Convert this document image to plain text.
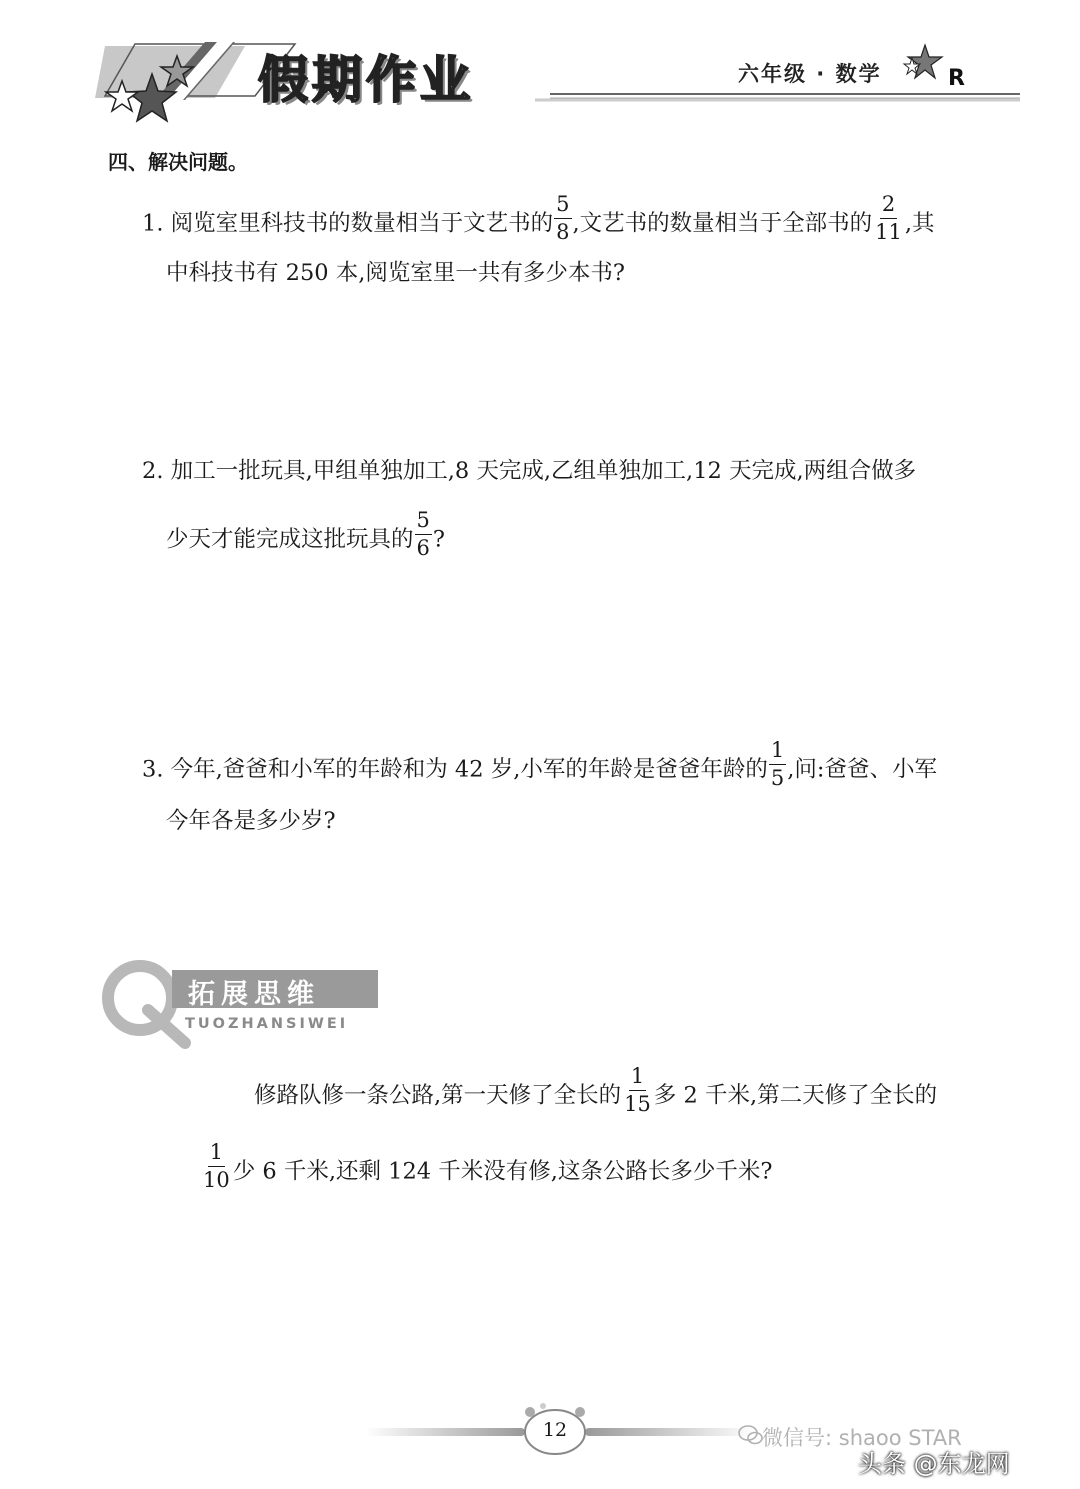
假期作业	六年级 · 数学	R
四、解决问题。
1. 阅览室里科技书的数量相当于文艺书的 $\frac{5}{8}$ ,文艺书的数量相当于全部书的 $\frac{2}{11}$ ,其
中科技书有 250 本,阅览室里一共有多少本书?
2. 加工一批玩具,甲组单独加工,8 天完成,乙组单独加工,12 天完成,两组合做多
少天才能完成这批玩具的 $\frac{5}{6}$ ?
3. 今年,爸爸和小军的年龄和为 42 岁,小军的年龄是爸爸年龄的 $\frac{1}{5}$ ,问:爸爸、小军
今年各是多少岁?
拓展思维
TUOZHANSIWEI
修路队修一条公路,第一天修了全长的 $\frac{1}{15}$ 多 2 千米,第二天修了全长的
$\frac{1}{10}$ 少 6 千米,还剩 124 千米没有修,这条公路长多少千米?
12	微信号: shaoo STAR
头条 @东龙网
